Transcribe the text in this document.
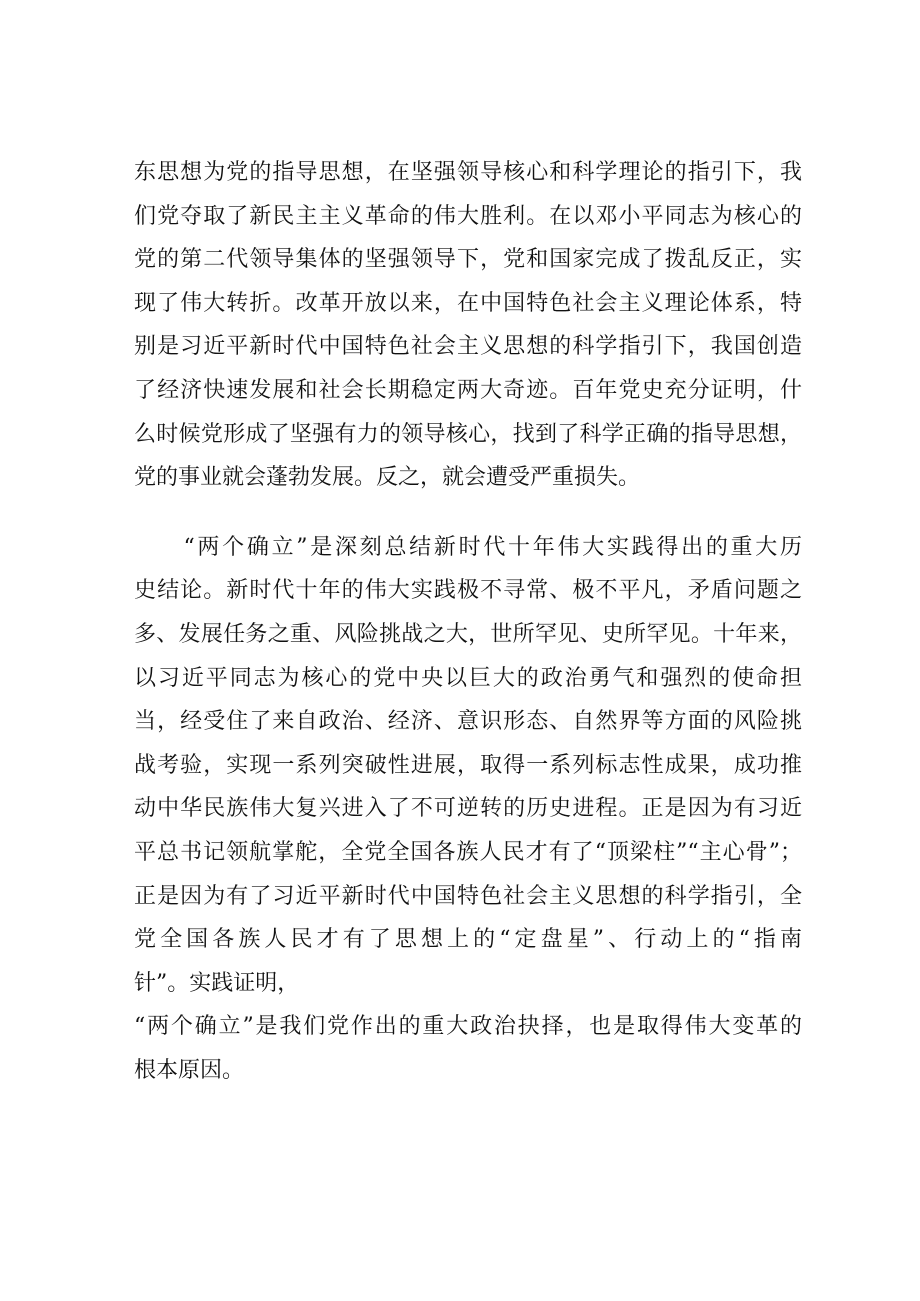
东思想为党的指导思想，在坚强领导核心和科学理论的指引下，我
们党夺取了新民主主义革命的伟大胜利。在以邓小平同志为核心的
党的第二代领导集体的坚强领导下，党和国家完成了拨乱反正，实
现了伟大转折。改革开放以来，在中国特色社会主义理论体系，特
别是习近平新时代中国特色社会主义思想的科学指引下，我国创造
了经济快速发展和社会长期稳定两大奇迹。百年党史充分证明，什
么时候党形成了坚强有力的领导核心，找到了科学正确的指导思想，
党的事业就会蓬勃发展。反之，就会遭受严重损失。
　　“两个确立”是深刻总结新时代十年伟大实践得出的重大历
史结论。新时代十年的伟大实践极不寻常、极不平凡，矛盾问题之
多、发展任务之重、风险挑战之大，世所罕见、史所罕见。十年来，
以习近平同志为核心的党中央以巨大的政治勇气和强烈的使命担
当，经受住了来自政治、经济、意识形态、自然界等方面的风险挑
战考验，实现一系列突破性进展，取得一系列标志性成果，成功推
动中华民族伟大复兴进入了不可逆转的历史进程。正是因为有习近
平总书记领航掌舵，全党全国各族人民才有了“顶梁柱”“主心骨”；
正是因为有了习近平新时代中国特色社会主义思想的科学指引，全
党全国各族人民才有了思想上的“定盘星”、行动上的“指南
针”。实践证明，
“两个确立”是我们党作出的重大政治抉择，也是取得伟大变革的
根本原因。
